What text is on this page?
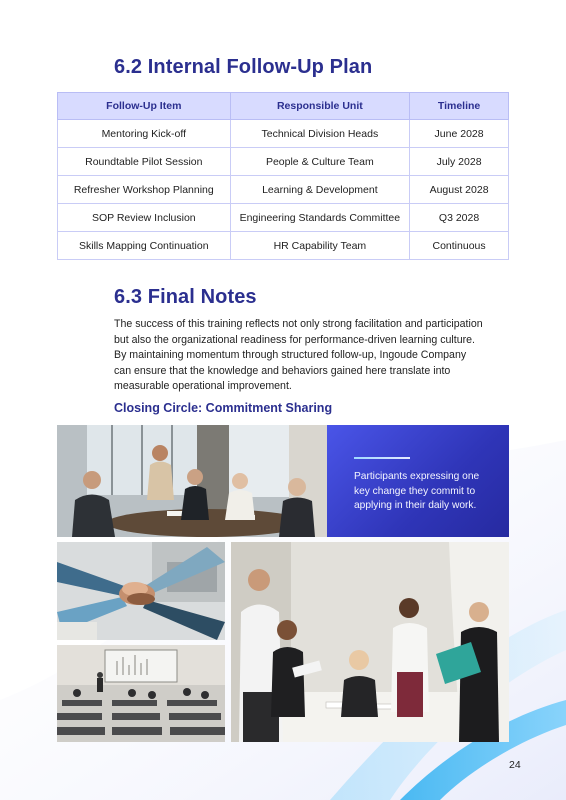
6.2 Internal Follow-Up Plan
Follow-Up Item	Responsible Unit	Timeline
Mentoring Kick-off	Technical Division Heads	June 2028
Roundtable Pilot Session	People & Culture Team	July 2028
Refresher Workshop Planning	Learning & Development	August 2028
SOP Review Inclusion	Engineering Standards Committee	Q3 2028
Skills Mapping Continuation	HR Capability Team	Continuous
6.3 Final Notes

The success of this training reflects not only strong facilitation and participation but also the organizational readiness for performance-driven learning culture. By maintaining momentum through structured follow-up, Ingoude Company can ensure that the knowledge and behaviors gained here translate into measurable operational improvement.

Closing Circle: Commitment Sharing

Participants expressing one key change they commit to applying in their daily work.

24
